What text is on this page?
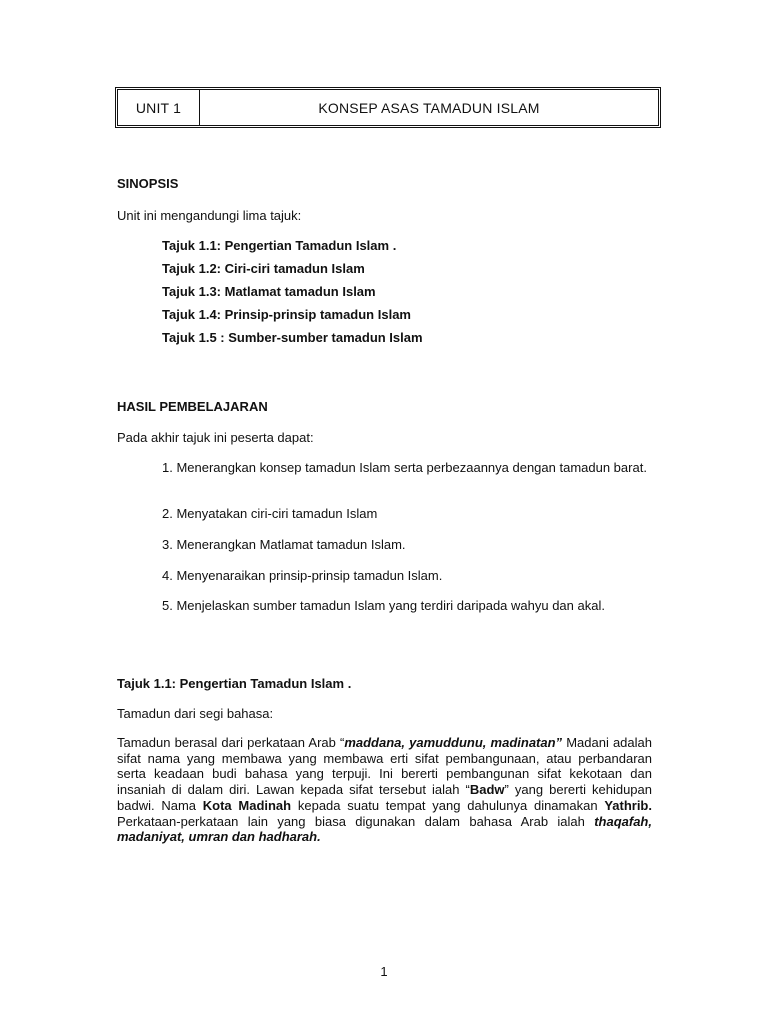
UNIT 1	KONSEP ASAS TAMADUN ISLAM
SINOPSIS
Unit ini mengandungi lima tajuk:
Tajuk 1.1: Pengertian Tamadun Islam .
Tajuk 1.2: Ciri-ciri tamadun Islam
Tajuk 1.3: Matlamat tamadun Islam
Tajuk 1.4: Prinsip-prinsip tamadun Islam
Tajuk 1.5 : Sumber-sumber tamadun Islam
HASIL PEMBELAJARAN
Pada akhir tajuk ini peserta dapat:
1. Menerangkan konsep tamadun Islam serta perbezaannya dengan tamadun barat.
2. Menyatakan ciri-ciri tamadun Islam
3. Menerangkan Matlamat tamadun Islam.
4. Menyenaraikan prinsip-prinsip tamadun Islam.
5. Menjelaskan sumber tamadun Islam yang terdiri daripada wahyu dan akal.
Tajuk 1.1: Pengertian Tamadun Islam .
Tamadun dari segi bahasa:
Tamadun berasal dari perkataan Arab “maddana, yamuddunu, madinatan” Madani adalah sifat nama yang membawa yang membawa erti sifat pembangunaan, atau perbandaran serta keadaan budi bahasa yang terpuji. Ini bererti pembangunan sifat kekotaan dan insaniah di dalam diri. Lawan kepada sifat tersebut ialah “Badw” yang bererti kehidupan badwi. Nama Kota Madinah kepada suatu tempat yang dahulunya dinamakan Yathrib. Perkataan-perkataan lain yang biasa digunakan dalam bahasa Arab ialah thaqafah, madaniyat, umran dan hadharah.
1
